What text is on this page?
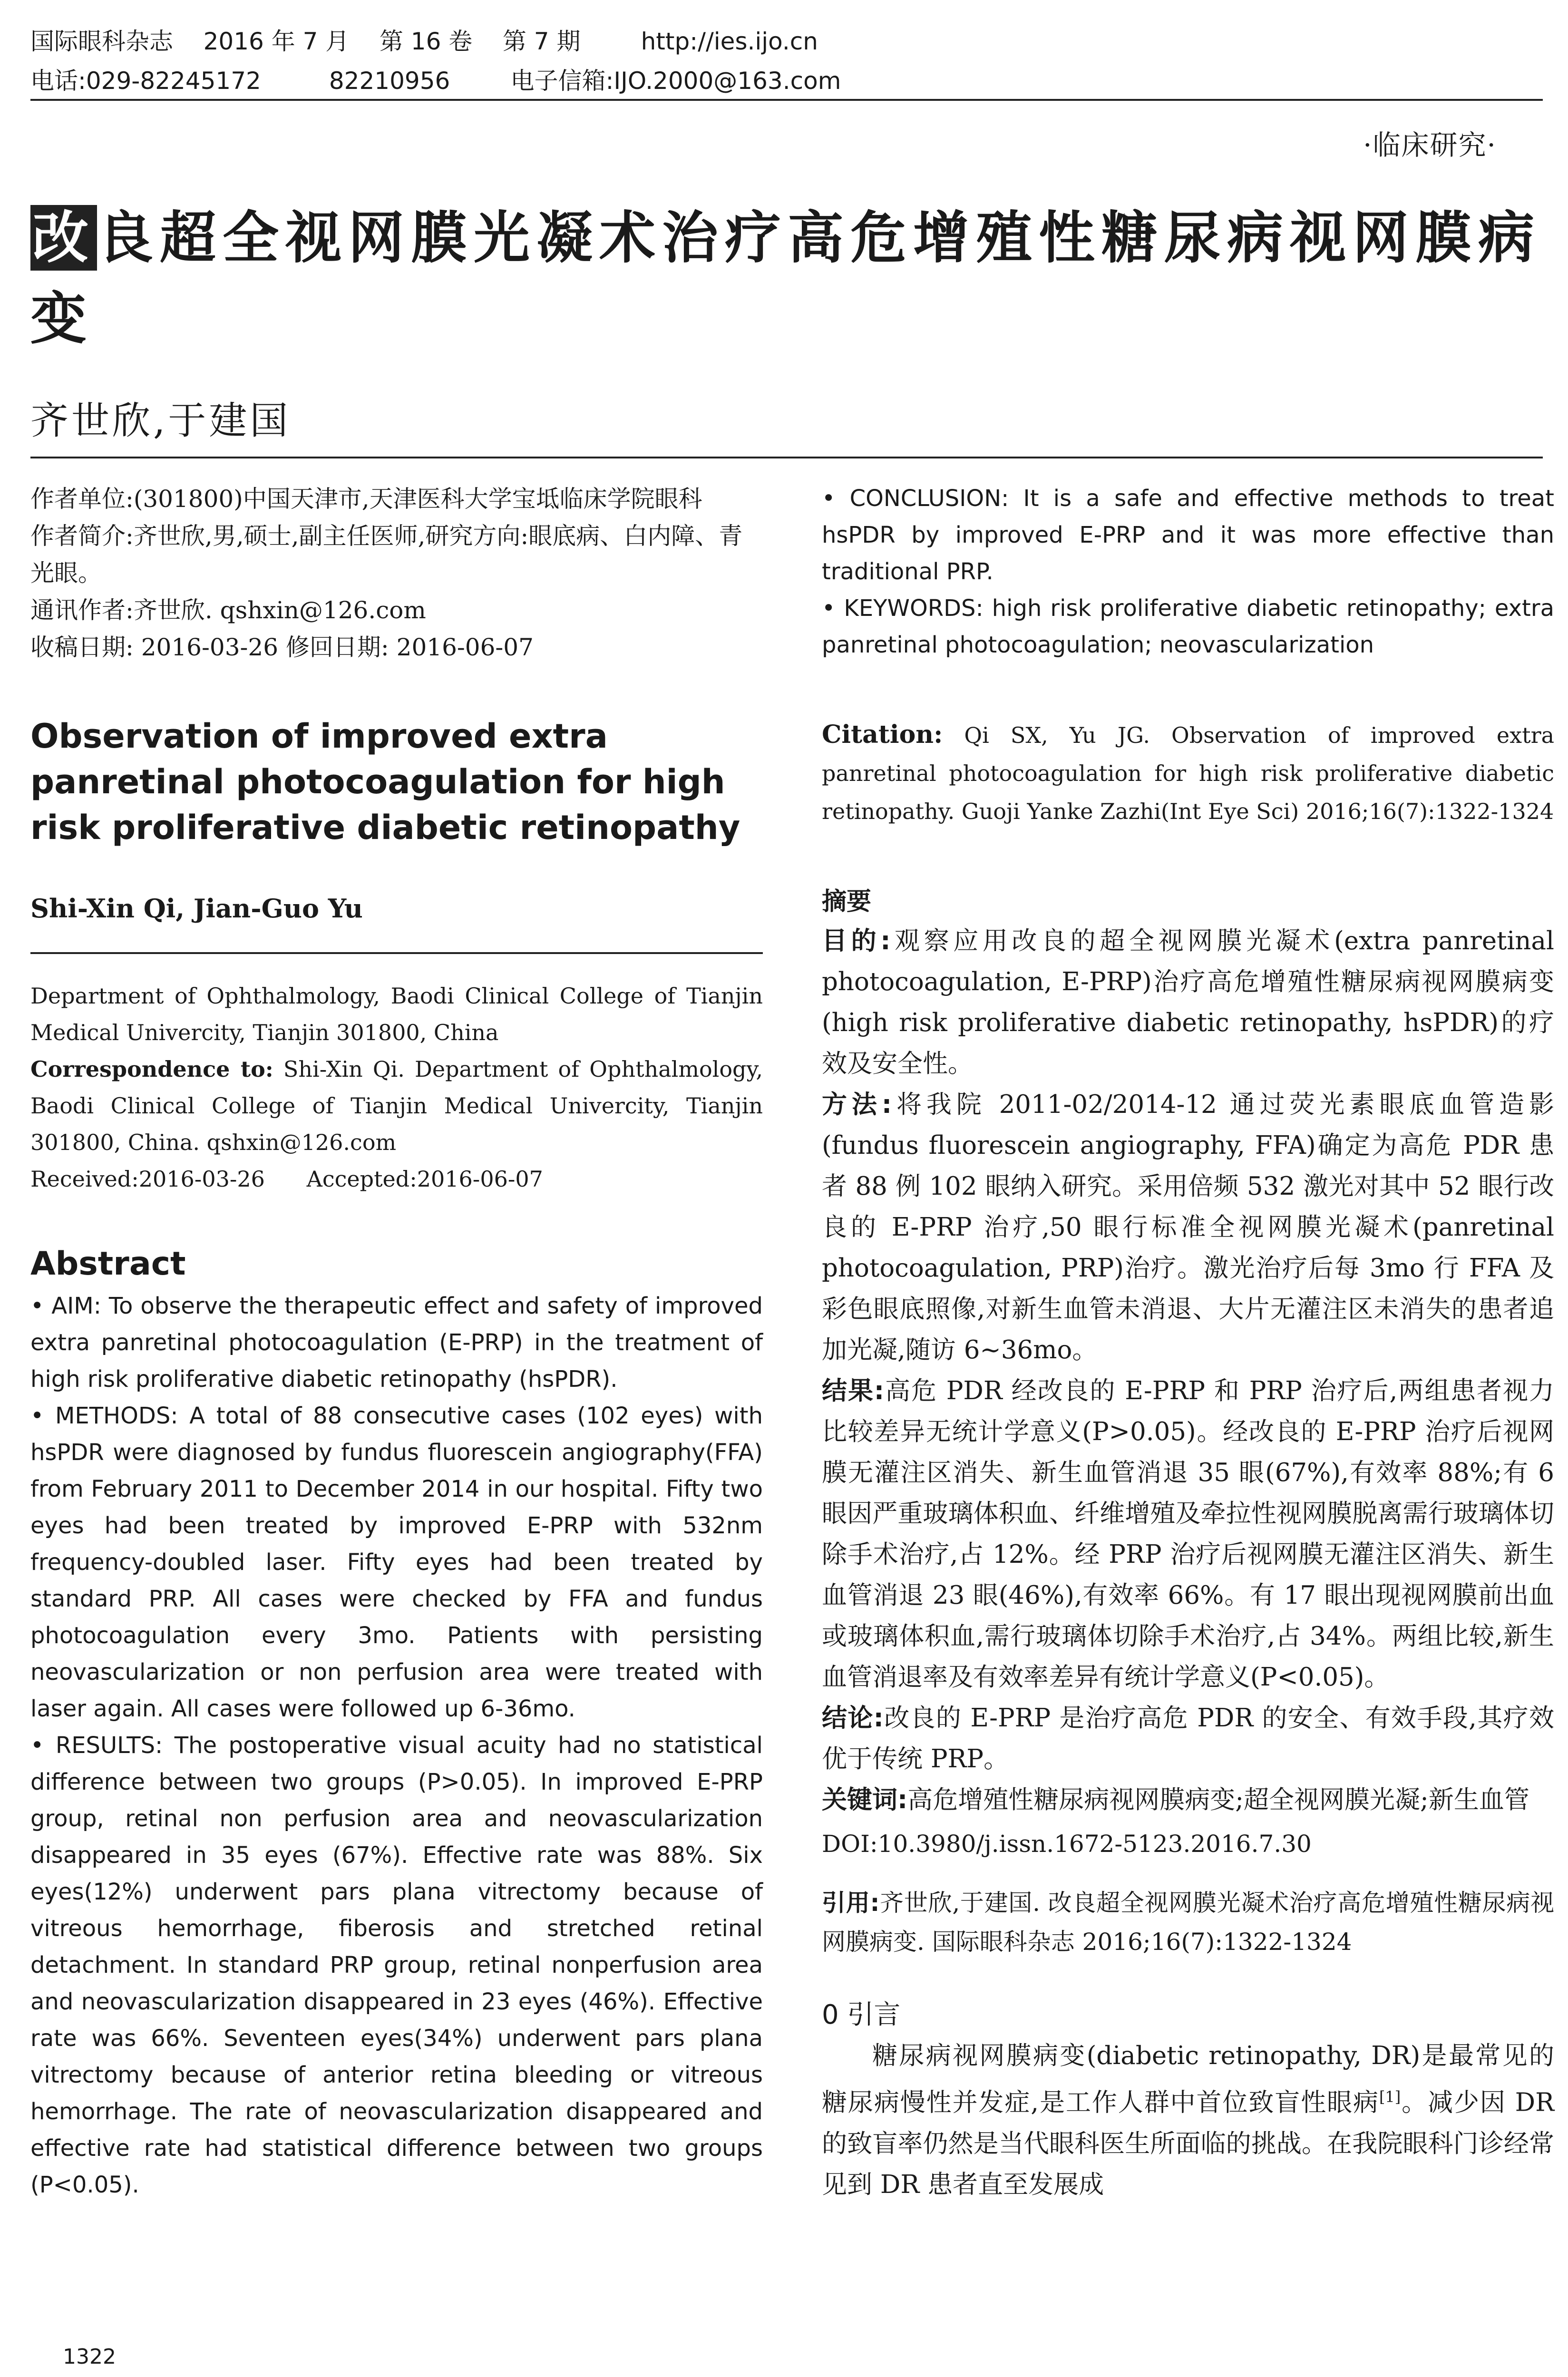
国际眼科杂志    2016 年 7 月    第 16 卷    第 7 期        http://ies.ijo.cn
电话:029-82245172         82210956        电子信箱:IJO.2000@163.com
·临床研究·
改良超全视网膜光凝术治疗高危增殖性糖尿病视网膜病变
齐世欣,于建国

作者单位:(301800)中国天津市,天津医科大学宝坻临床学院眼科

作者简介:齐世欣,男,硕士,副主任医师,研究方向:眼底病、白内障、青光眼。

通讯作者:齐世欣. qshxin@126.com

收稿日期: 2016-03-26 修回日期: 2016-06-07

Observation of improved extra panretinal photocoagulation for high risk proliferative diabetic retinopathy
Shi-Xin Qi, Jian-Guo Yu

Department of Ophthalmology, Baodi Clinical College of Tianjin Medical Univercity, Tianjin 301800, China

Correspondence to: Shi-Xin Qi. Department of Ophthalmology, Baodi Clinical College of Tianjin Medical Univercity, Tianjin 301800, China. qshxin@126.com

Received:2016-03-26      Accepted:2016-06-07

Abstract

• AIM: To observe the therapeutic effect and safety of improved extra panretinal photocoagulation (E-PRP) in the treatment of high risk proliferative diabetic retinopathy (hsPDR).

• METHODS: A total of 88 consecutive cases (102 eyes) with hsPDR were diagnosed by fundus fluorescein angiography(FFA) from February 2011 to December 2014 in our hospital. Fifty two eyes had been treated by improved E-PRP with 532nm frequency-doubled laser. Fifty eyes had been treated by standard PRP. All cases were checked by FFA and fundus photocoagulation every 3mo. Patients with persisting neovascularization or non perfusion area were treated with laser again. All cases were followed up 6-36mo.

• RESULTS: The postoperative visual acuity had no statistical difference between two groups (P>0.05). In improved E-PRP group, retinal non perfusion area and neovascularization disappeared in 35 eyes (67%). Effective rate was 88%. Six eyes(12%) underwent pars plana vitrectomy because of vitreous hemorrhage, fiberosis and stretched retinal detachment. In standard PRP group, retinal nonperfusion area and neovascularization disappeared in 23 eyes (46%). Effective rate was 66%. Seventeen eyes(34%) underwent pars plana vitrectomy because of anterior retina bleeding or vitreous hemorrhage. The rate of neovascularization disappeared and effective rate had statistical difference between two groups (P<0.05).

• CONCLUSION: It is a safe and effective methods to treat hsPDR by improved E-PRP and it was more effective than traditional PRP.

• KEYWORDS: high risk proliferative diabetic retinopathy; extra panretinal photocoagulation; neovascularization

Citation: Qi SX, Yu JG. Observation of improved extra panretinal photocoagulation for high risk proliferative diabetic retinopathy. Guoji Yanke Zazhi(Int Eye Sci) 2016;16(7):1322-1324
摘要

目的:观察应用改良的超全视网膜光凝术(extra panretinal photocoagulation, E-PRP)治疗高危增殖性糖尿病视网膜病变(high risk proliferative diabetic retinopathy, hsPDR)的疗效及安全性。

方法:将我院 2011-02/2014-12 通过荧光素眼底血管造影(fundus fluorescein angiography, FFA)确定为高危 PDR 患者 88 例 102 眼纳入研究。采用倍频 532 激光对其中 52 眼行改良的 E-PRP 治疗,50 眼行标准全视网膜光凝术(panretinal photocoagulation, PRP)治疗。激光治疗后每 3mo 行 FFA 及彩色眼底照像,对新生血管未消退、大片无灌注区未消失的患者追加光凝,随访 6~36mo。

结果:高危 PDR 经改良的 E-PRP 和 PRP 治疗后,两组患者视力比较差异无统计学意义(P>0.05)。经改良的 E-PRP 治疗后视网膜无灌注区消失、新生血管消退 35 眼(67%),有效率 88%;有 6 眼因严重玻璃体积血、纤维增殖及牵拉性视网膜脱离需行玻璃体切除手术治疗,占 12%。经 PRP 治疗后视网膜无灌注区消失、新生血管消退 23 眼(46%),有效率 66%。有 17 眼出现视网膜前出血或玻璃体积血,需行玻璃体切除手术治疗,占 34%。两组比较,新生血管消退率及有效率差异有统计学意义(P<0.05)。

结论:改良的 E-PRP 是治疗高危 PDR 的安全、有效手段,其疗效优于传统 PRP。

关键词:高危增殖性糖尿病视网膜病变;超全视网膜光凝;新生血管

DOI:10.3980/j.issn.1672-5123.2016.7.30

引用:齐世欣,于建国. 改良超全视网膜光凝术治疗高危增殖性糖尿病视网膜病变. 国际眼科杂志 2016;16(7):1322-1324
0 引言

糖尿病视网膜病变(diabetic retinopathy, DR)是最常见的糖尿病慢性并发症,是工作人群中首位致盲性眼病[1]。减少因 DR 的致盲率仍然是当代眼科医生所面临的挑战。在我院眼科门诊经常见到 DR 患者直至发展成

1322
